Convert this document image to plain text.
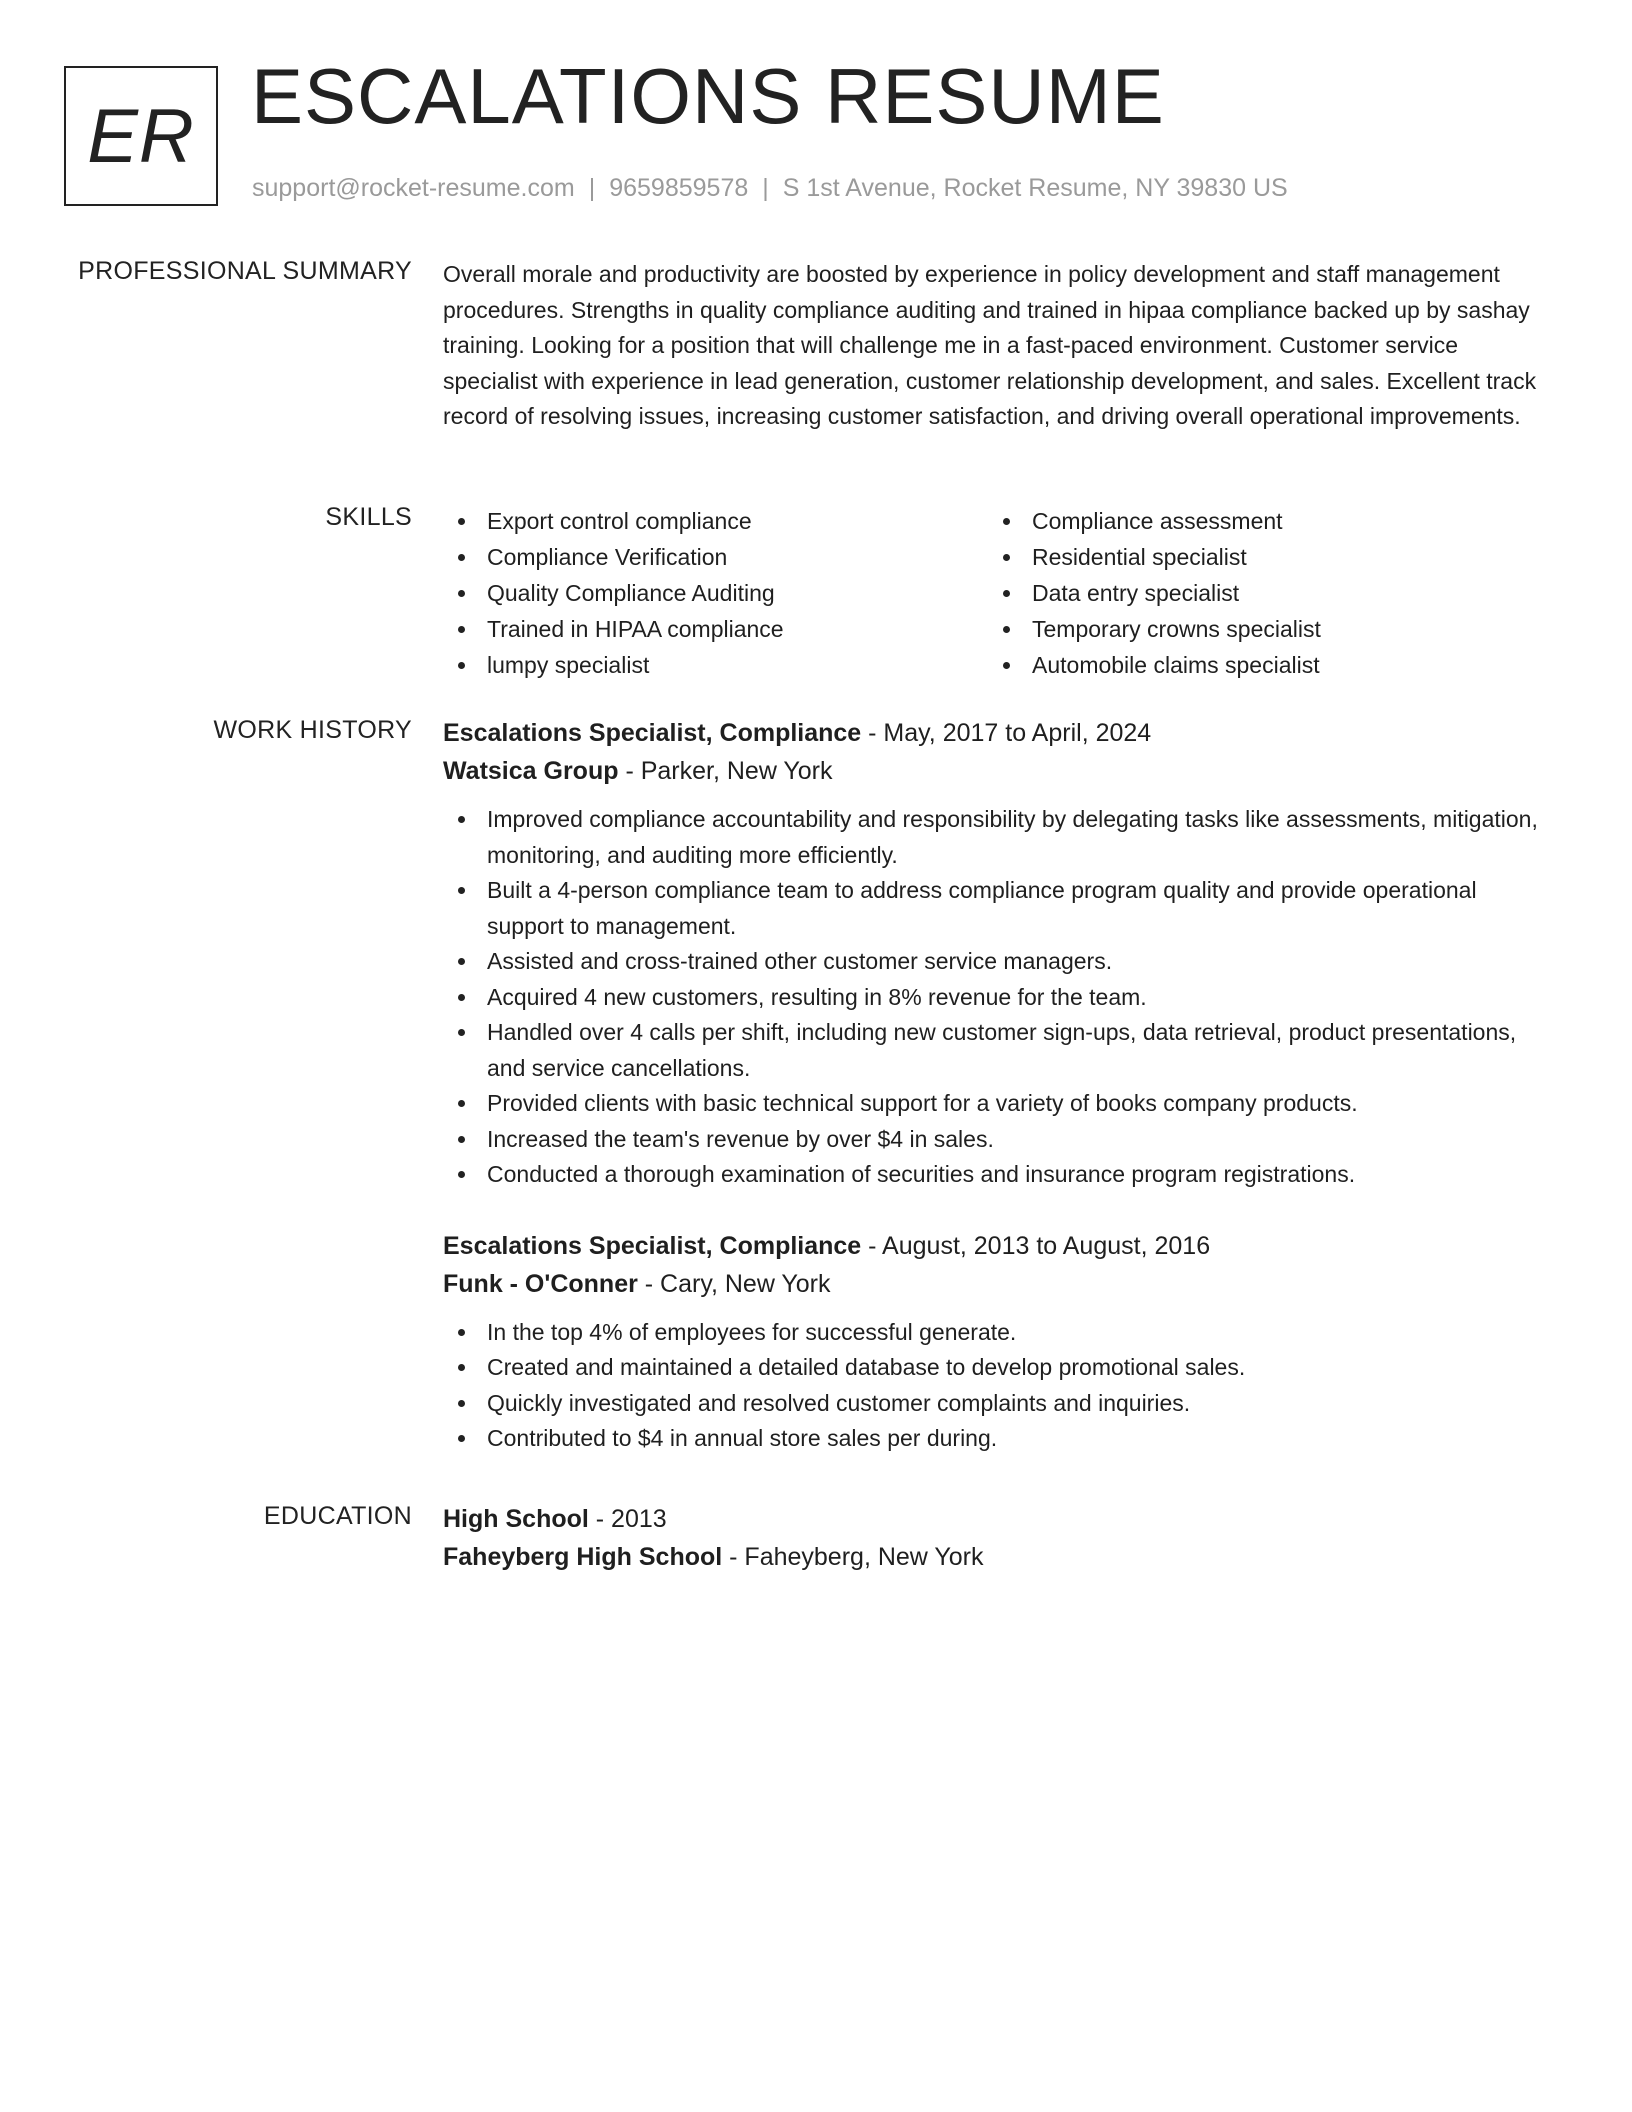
ER ESCALATIONS RESUME
support@rocket-resume.com | 9659859578 | S 1st Avenue, Rocket Resume, NY 39830 US
PROFESSIONAL SUMMARY Overall morale and productivity are boosted by experience in policy development and staff management procedures. Strengths in quality compliance auditing and trained in hipaa compliance backed up by sashay training. Looking for a position that will challenge me in a fast-paced environment. Customer service specialist with experience in lead generation, customer relationship development, and sales. Excellent track record of resolving issues, increasing customer satisfaction, and driving overall operational improvements.

SKILLS	Export control compliance
Compliance Verification
Quality Compliance Auditing
Trained in HIPAA compliance
lumpy specialist
Compliance assessment
Residential specialist
Data entry specialist
Temporary crowns specialist
Automobile claims specialist
WORK HISTORY Escalations Specialist, Compliance - May, 2017 to April, 2024
Watsica Group - Parker, New York
Improved compliance accountability and responsibility by delegating tasks like assessments, mitigation, monitoring, and auditing more efficiently.
Built a 4-person compliance team to address compliance program quality and provide operational support to management.
Assisted and cross-trained other customer service managers.
Acquired 4 new customers, resulting in 8% revenue for the team.
Handled over 4 calls per shift, including new customer sign-ups, data retrieval, product presentations, and service cancellations.
Provided clients with basic technical support for a variety of books company products.
Increased the team's revenue by over $4 in sales.
Conducted a thorough examination of securities and insurance program registrations.
Escalations Specialist, Compliance - August, 2013 to August, 2016
Funk - O'Conner - Cary, New York
In the top 4% of employees for successful generate.
Created and maintained a detailed database to develop promotional sales.
Quickly investigated and resolved customer complaints and inquiries.
Contributed to $4 in annual store sales per during.
EDUCATION High School - 2013
Faheyberg High School - Faheyberg, New York
